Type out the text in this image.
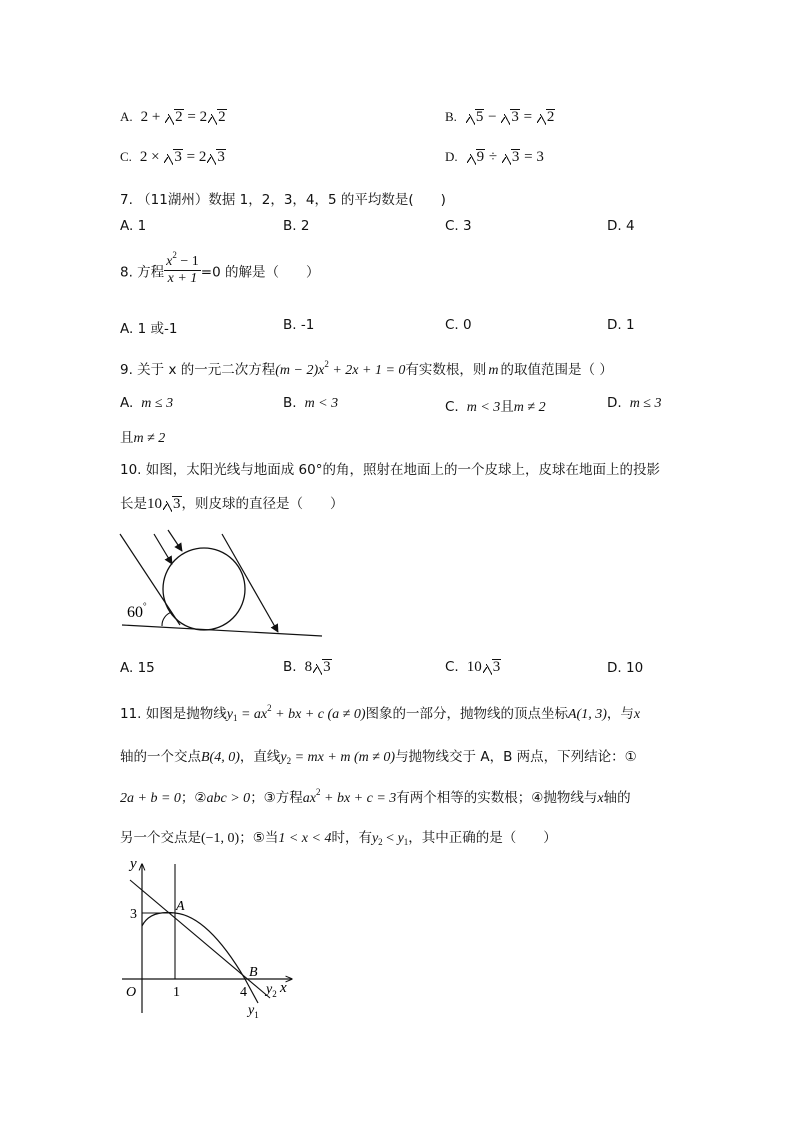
A. 2 + 2 = 2 2	B. 5 − 3 = 2
C. 2 × 3 = 2 3	D. 9 ÷ 3 = 3
7. （11湖州）数据 1，2，3，4，5 的平均数是(　　)
A. 1	B. 2	C. 3	D. 4
8. 方程 $\frac{x^2 - 1}{x + 1} =0$ 的解是（　　）
A. 1 或-1	B. -1	C. 0	D. 1
9. 关于 x 的一元二次方程$(m - 2)x^2 + 2x + 1 = 0$有实数根，则 m 的取值范围是（ ）
A. m ≤ 3	B. m < 3	C. m < 3且m ≠ 2	D. m ≤ 3
且m ≠ 2
10. 如图，太阳光线与地面成 60°的角，照射在地面上的一个皮球上，皮球在地面上的投影
长是10 3，则皮球的直径是（　　）
60°
A. 15	B. 8 3	C. 10 3	D. 10
11. 如图是抛物线$y_1 = ax^2$ + bx + c (a ≠ 0)图象的一部分，抛物线的顶点坐标A(1, 3)，与x
轴的一个交点B(4, 0)，直线$y_2$ = mx + m (m ≠ 0)与抛物线交于 A，B 两点，下列结论：①
2a + b = 0；②abc > 0；③方程$ax^2$ + bx + c = 3有两个相等的实数根；④抛物线与x轴的
另一个交点是(−1, 0)；⑤当1 < x < 4时，有$y_2 < y_1$，其中正确的是（　　）
y
3
A
O	1	4
B
x
$y_2$
$y_1$
